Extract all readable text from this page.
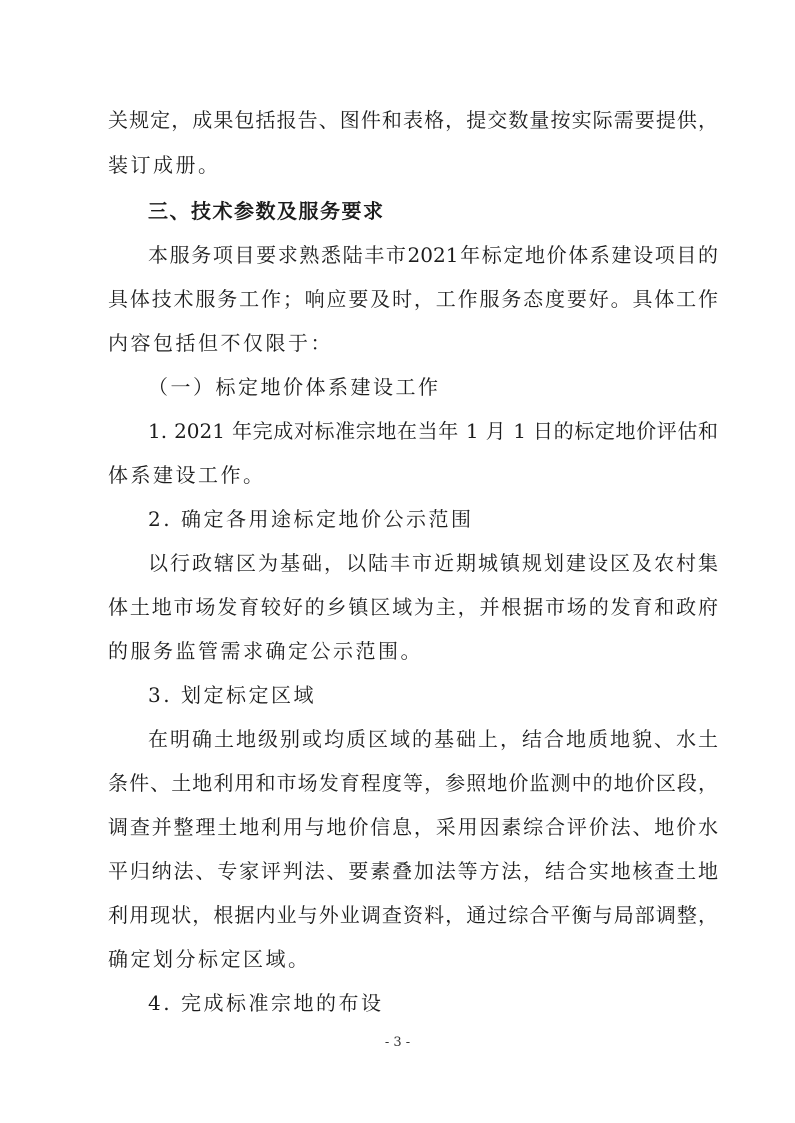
关规定，成果包括报告、图件和表格，提交数量按实际需要提供，
装订成册。
三、技术参数及服务要求
本服务项目要求熟悉陆丰市2021年标定地价体系建设项目的
具体技术服务工作；响应要及时，工作服务态度要好。具体工作
内容包括但不仅限于：
（一）标定地价体系建设工作
1. 2021 年完成对标准宗地在当年 1 月 1 日的标定地价评估和
体系建设工作。
2. 确定各用途标定地价公示范围
以行政辖区为基础，以陆丰市近期城镇规划建设区及农村集
体土地市场发育较好的乡镇区域为主，并根据市场的发育和政府
的服务监管需求确定公示范围。
3. 划定标定区域
在明确土地级别或均质区域的基础上，结合地质地貌、水土
条件、土地利用和市场发育程度等，参照地价监测中的地价区段，
调查并整理土地利用与地价信息，采用因素综合评价法、地价水
平归纳法、专家评判法、要素叠加法等方法，结合实地核查土地
利用现状，根据内业与外业调查资料，通过综合平衡与局部调整，
确定划分标定区域。
4. 完成标准宗地的布设
- 3 -
